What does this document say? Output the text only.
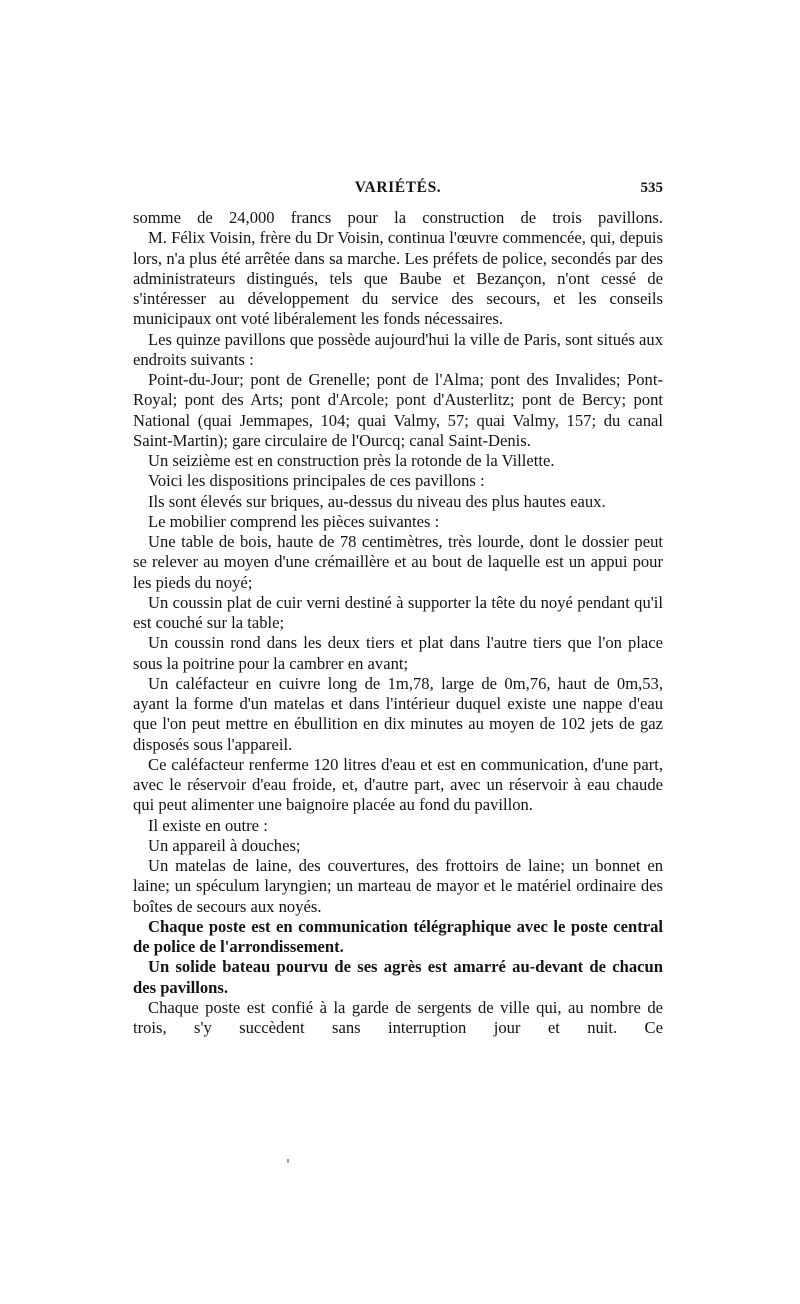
VARIÉTÉS.	535

somme de 24,000 francs pour la construction de trois pavillons.

M. Félix Voisin, frère du Dr Voisin, continua l'œuvre commencée, qui, depuis lors, n'a plus été arrêtée dans sa marche. Les préfets de police, secondés par des administrateurs distingués, tels que Baube et Bezançon, n'ont cessé de s'intéresser au développement du service des secours, et les conseils municipaux ont voté libéralement les fonds nécessaires.

Les quinze pavillons que possède aujourd'hui la ville de Paris, sont situés aux endroits suivants :

Point-du-Jour; pont de Grenelle; pont de l'Alma; pont des Invalides; Pont-Royal; pont des Arts; pont d'Arcole; pont d'Austerlitz; pont de Bercy; pont National (quai Jemmapes, 104; quai Valmy, 57; quai Valmy, 157; du canal Saint-Martin); gare circulaire de l'Ourcq; canal Saint-Denis.

Un seizième est en construction près la rotonde de la Villette.

Voici les dispositions principales de ces pavillons :

Ils sont élevés sur briques, au-dessus du niveau des plus hautes eaux.

Le mobilier comprend les pièces suivantes :

Une table de bois, haute de 78 centimètres, très lourde, dont le dossier peut se relever au moyen d'une crémaillère et au bout de laquelle est un appui pour les pieds du noyé;

Un coussin plat de cuir verni destiné à supporter la tête du noyé pendant qu'il est couché sur la table;

Un coussin rond dans les deux tiers et plat dans l'autre tiers que l'on place sous la poitrine pour la cambrer en avant;

Un caléfacteur en cuivre long de 1m,78, large de 0m,76, haut de 0m,53, ayant la forme d'un matelas et dans l'intérieur duquel existe une nappe d'eau que l'on peut mettre en ébullition en dix minutes au moyen de 102 jets de gaz disposés sous l'appareil.

Ce caléfacteur renferme 120 litres d'eau et est en communication, d'une part, avec le réservoir d'eau froide, et, d'autre part, avec un réservoir à eau chaude qui peut alimenter une baignoire placée au fond du pavillon.

Il existe en outre :

Un appareil à douches;

Un matelas de laine, des couvertures, des frottoirs de laine; un bonnet en laine; un spéculum laryngien; un marteau de mayor et le matériel ordinaire des boîtes de secours aux noyés.

Chaque poste est en communication télégraphique avec le poste central de police de l'arrondissement.

Un solide bateau pourvu de ses agrès est amarré au-devant de chacun des pavillons.

Chaque poste est confié à la garde de sergents de ville qui, au nombre de trois, s'y succèdent sans interruption jour et nuit. Ce
